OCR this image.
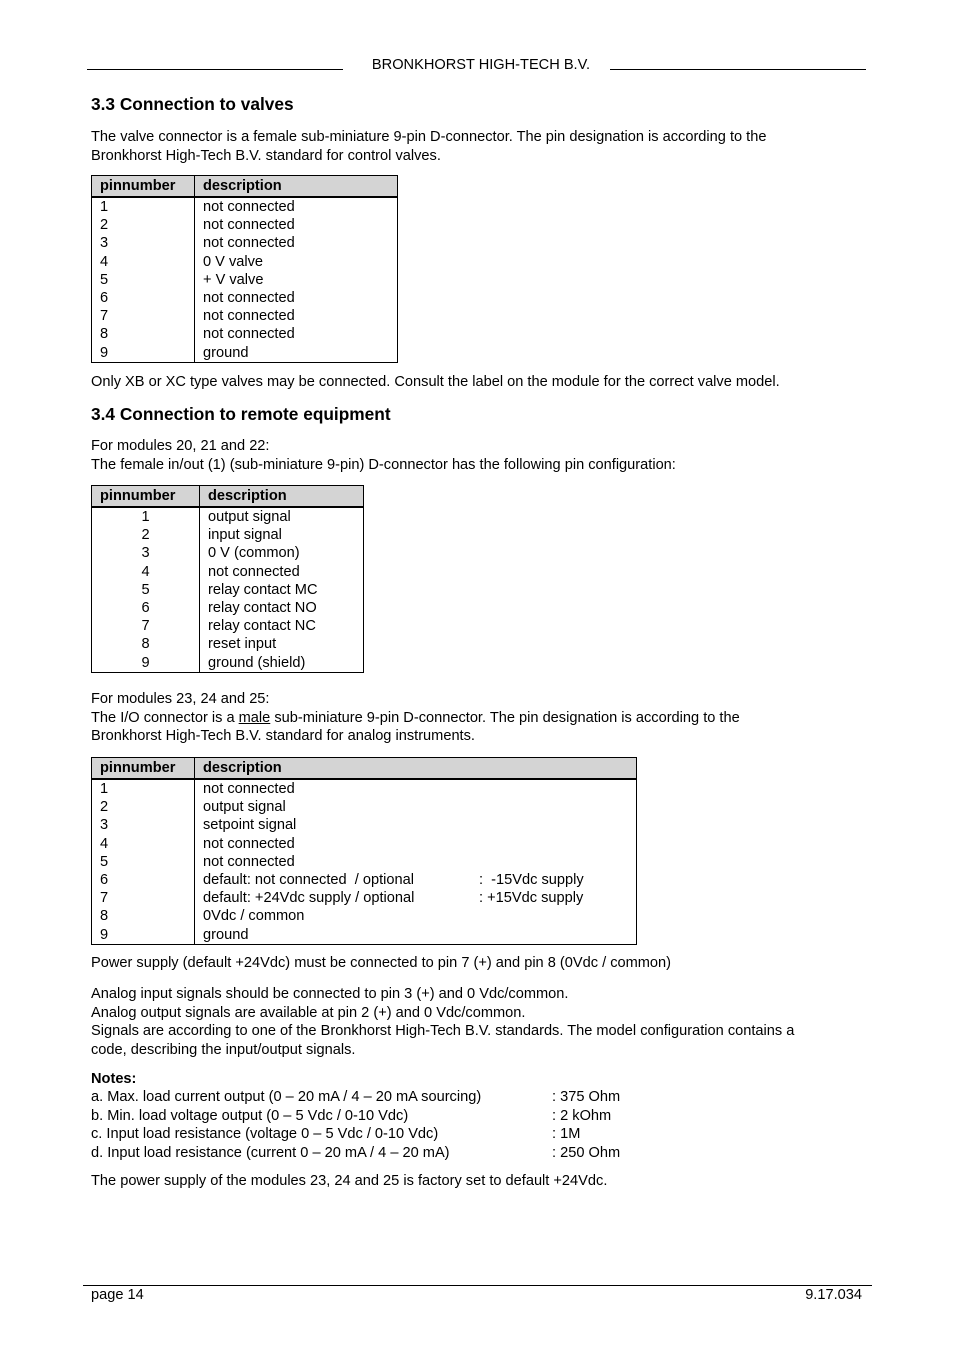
BRONKHORST HIGH-TECH B.V.
3.3 Connection to valves

The valve connector is a female sub-miniature 9-pin D-connector. The pin designation is according to the

Bronkhorst High-Tech B.V. standard for control valves.

pinnumber	description
1	not connected
2	not connected
3	not connected
4	0 V valve
5	+ V valve
6	not connected
7	not connected
8	not connected
9	ground

Only XB or XC type valves may be connected. Consult the label on the module for the correct valve model.

3.4 Connection to remote equipment

For modules 20, 21 and 22:

The female in/out (1) (sub-miniature 9-pin) D-connector has the following pin configuration:

pinnumber	description
1	output signal
2	input signal
3	0 V (common)
4	not connected
5	relay contact MC
6	relay contact NO
7	relay contact NC
8	reset input
9	ground (shield)

For modules 23, 24 and 25:

The I/O connector is a male sub-miniature 9-pin D-connector. The pin designation is according to the

Bronkhorst High-Tech B.V. standard for analog instruments.

pinnumber	description
1	not connected
2	output signal
3	setpoint signal
4	not connected
5	not connected
6	default: not connected  / optional :  -15Vdc supply

7	default: +24Vdc supply / optional : +15Vdc supply

8	0Vdc / common
9	ground

Power supply (default +24Vdc) must be connected to pin 7 (+) and pin 8 (0Vdc / common)

Analog input signals should be connected to pin 3 (+) and 0 Vdc/common.

Analog output signals are available at pin 2 (+) and 0 Vdc/common.

Signals are according to one of the Bronkhorst High-Tech B.V. standards. The model configuration contains a

code, describing the input/output signals.

Notes:

a. Max. load current output (0 – 20 mA / 4 – 20 mA sourcing)	: 375 Ohm
b. Min. load voltage output (0 – 5 Vdc / 0-10 Vdc)	: 2 kOhm
c. Input load resistance (voltage 0 – 5 Vdc / 0-10 Vdc)	: 1M
d. Input load resistance (current 0 – 20 mA / 4 – 20 mA)	: 250 Ohm

The power supply of the modules 23, 24 and 25 is factory set to default +24Vdc.

page 14	9.17.034
